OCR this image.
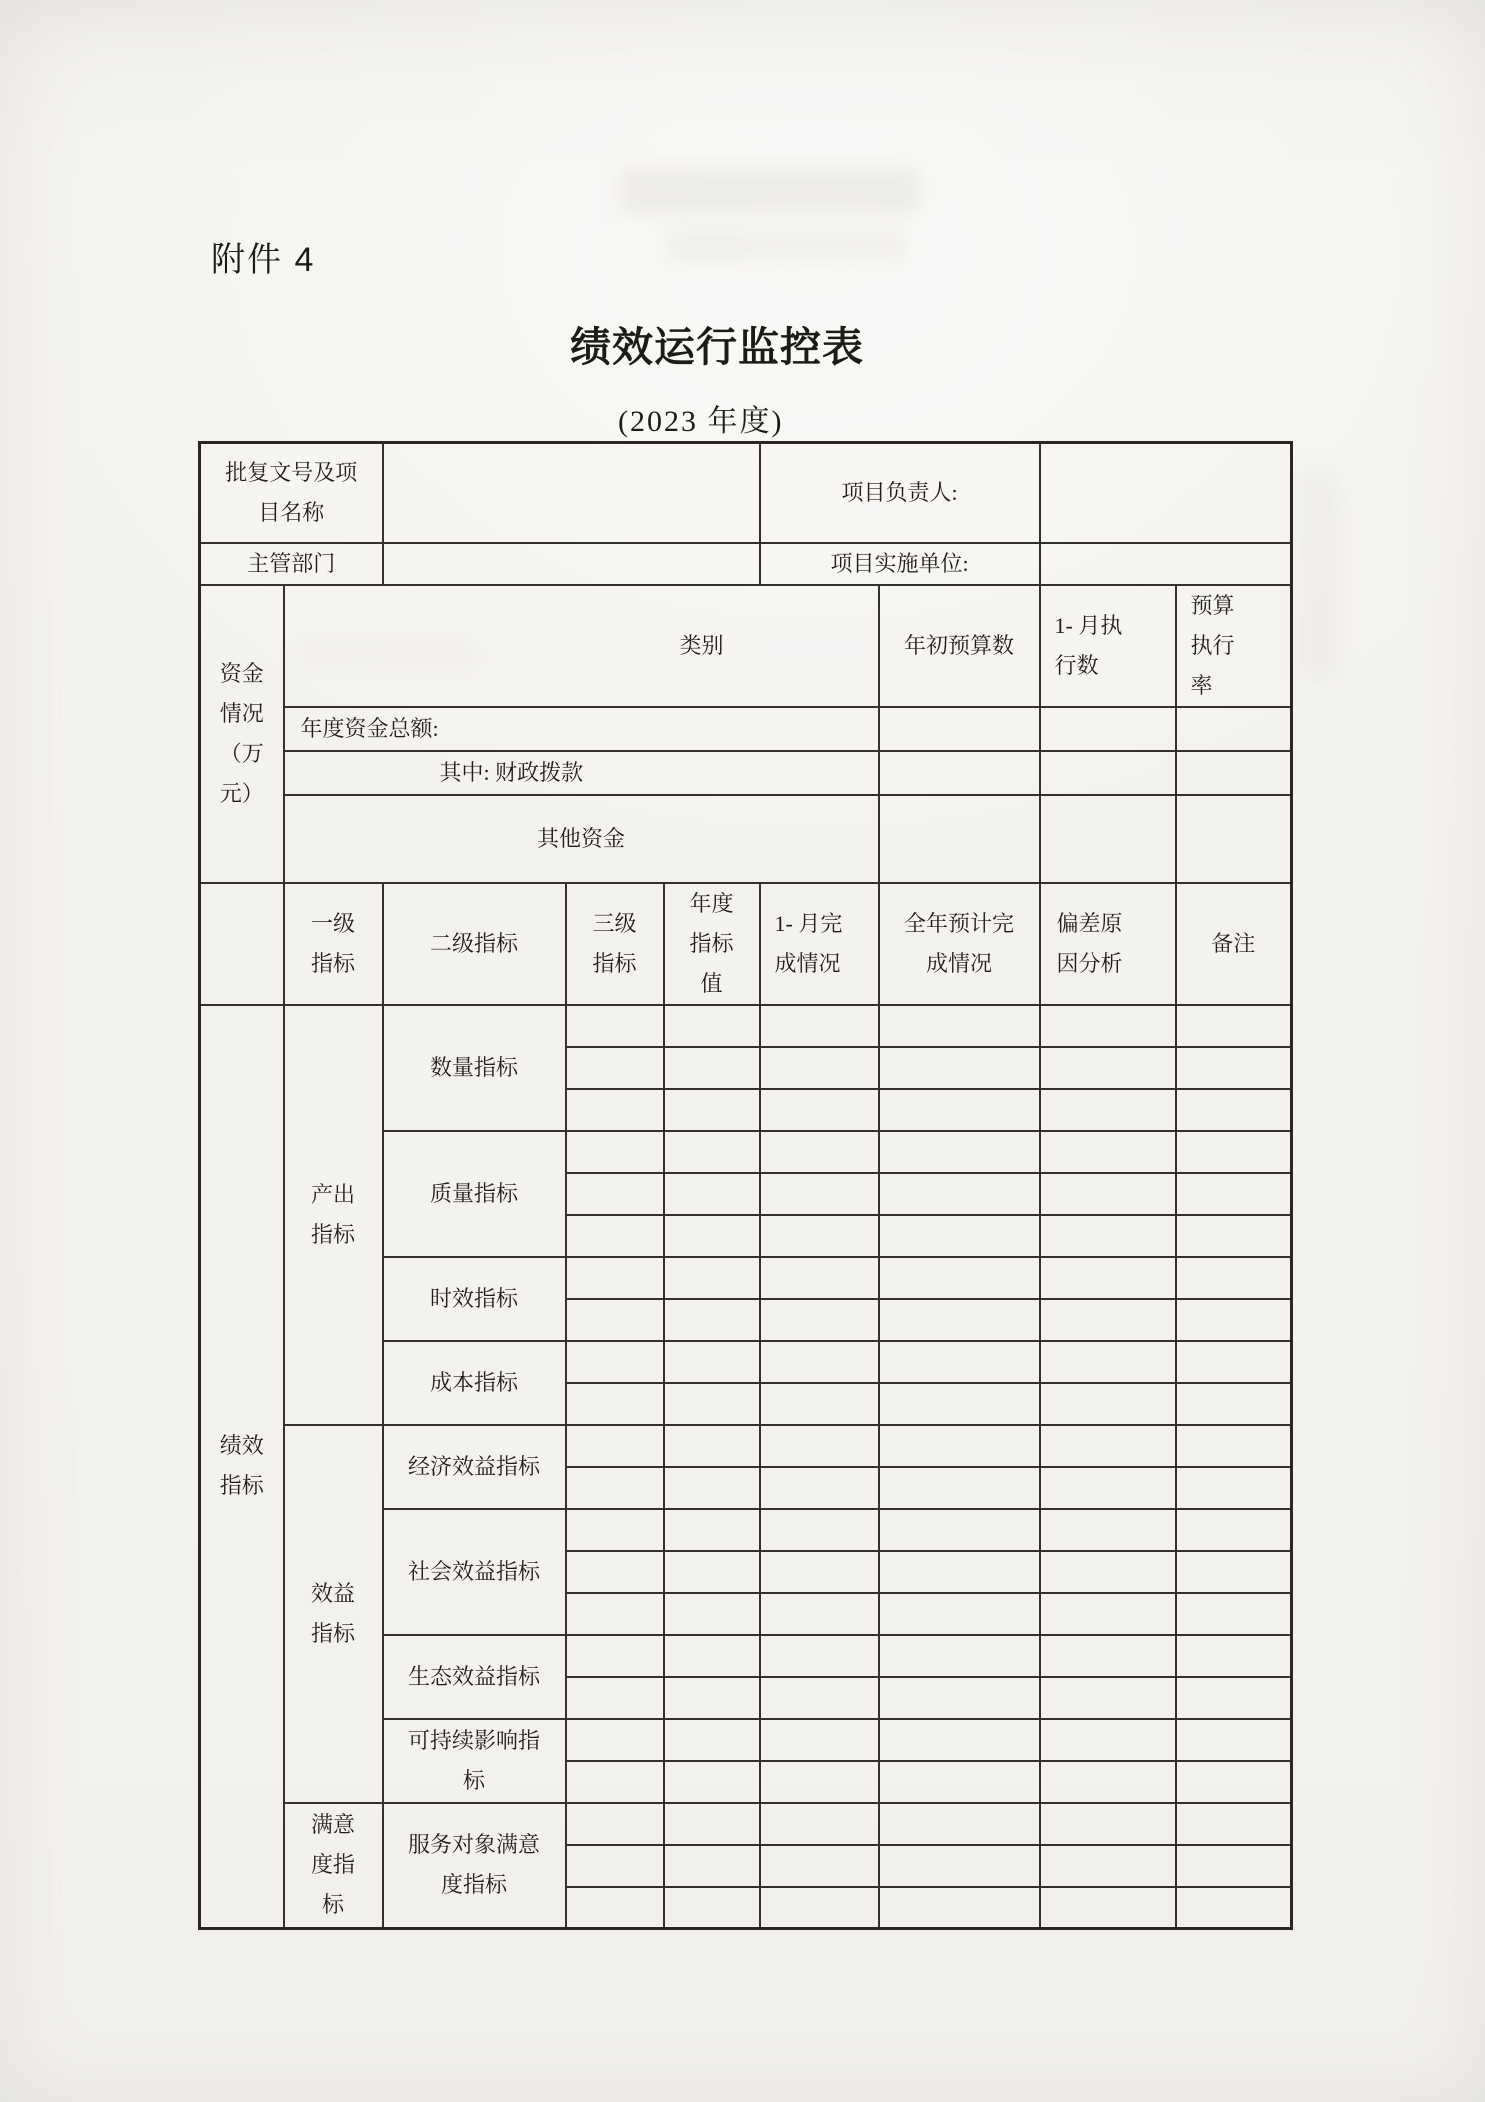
附件 4
绩效运行监控表
(2023 年度)
批复文号及项目名称					项目负责人:			
主管部门					项目实施单位:			
资金情况（万元）	类别					年初预算数	1- 月执行数	预算执行率
	年度资金总额:							
	其中: 财政拨款							
	其他资金							
	一级指标	二级指标	三级指标	年度指标值	1- 月完成情况	全年预计完成情况	偏差原因分析	备注
绩效指标	产出指标	数量指标						

		质量指标						

		时效指标						

		成本指标						

	效益指标	经济效益指标						

		社会效益指标						

		生态效益指标						

		可持续影响指标						

	满意度指标	服务对象满意度指标						
